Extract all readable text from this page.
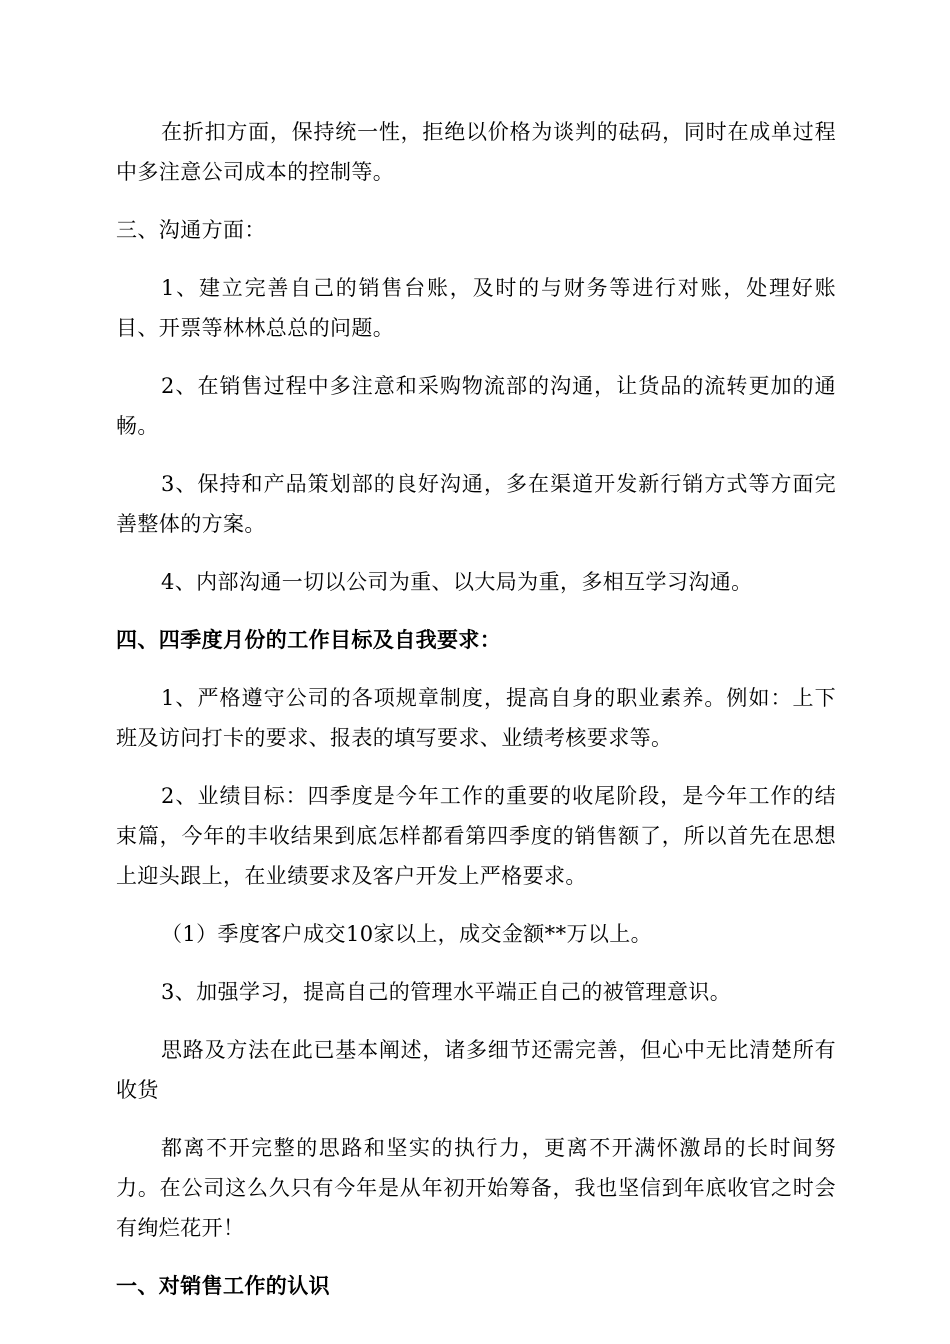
在折扣方面，保持统一性，拒绝以价格为谈判的砝码，同时在成单过程中多注意公司成本的控制等。

三、沟通方面：

1、建立完善自己的销售台账，及时的与财务等进行对账，处理好账目、开票等林林总总的问题。

2、在销售过程中多注意和采购物流部的沟通，让货品的流转更加的通畅。

3、保持和产品策划部的良好沟通，多在渠道开发新行销方式等方面完善整体的方案。

4、内部沟通一切以公司为重、以大局为重，多相互学习沟通。

四、四季度月份的工作目标及自我要求：

1、严格遵守公司的各项规章制度，提高自身的职业素养。例如：上下班及访问打卡的要求、报表的填写要求、业绩考核要求等。

2、业绩目标：四季度是今年工作的重要的收尾阶段，是今年工作的结束篇，今年的丰收结果到底怎样都看第四季度的销售额了，所以首先在思想上迎头跟上，在业绩要求及客户开发上严格要求。

（1）季度客户成交10家以上，成交金额**万以上。

3、加强学习，提高自己的管理水平端正自己的被管理意识。

思路及方法在此已基本阐述，诸多细节还需完善，但心中无比清楚所有收货

都离不开完整的思路和坚实的执行力，更离不开满怀激昂的长时间努力。在公司这么久只有今年是从年初开始筹备，我也坚信到年底收官之时会有绚烂花开！

一、对销售工作的认识
